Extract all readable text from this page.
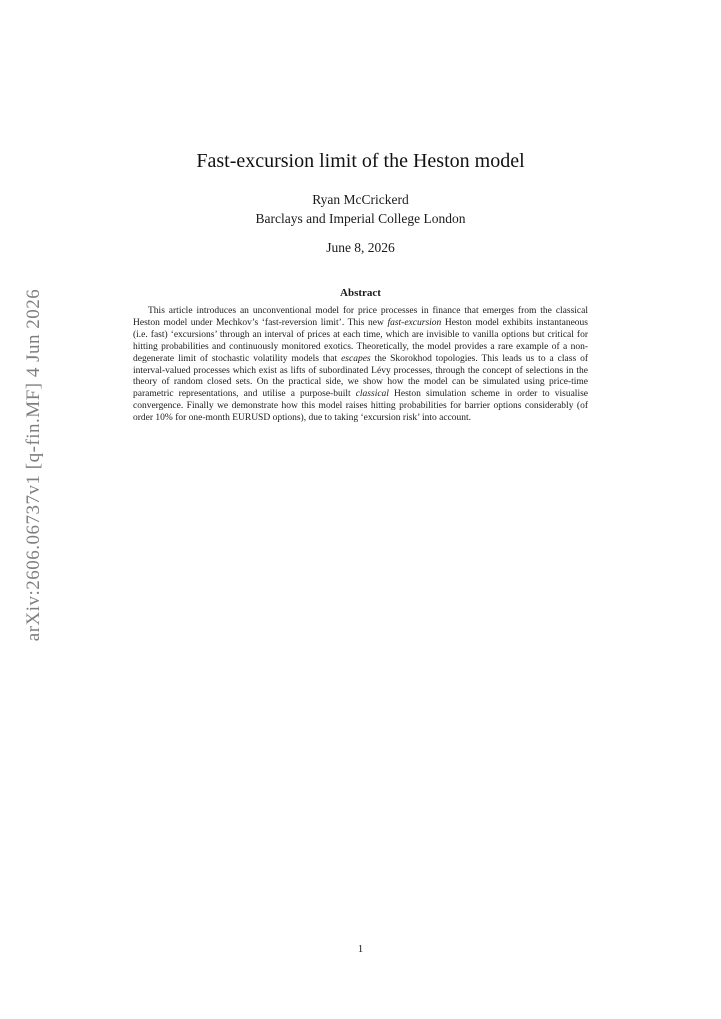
arXiv:2606.06737v1 [q-fin.MF] 4 Jun 2026
Fast-excursion limit of the Heston model
Ryan McCrickerd
Barclays and Imperial College London
June 8, 2026
Abstract
This article introduces an unconventional model for price processes in finance that emerges from the classical Heston model under Mechkov’s ‘fast-reversion limit’. This new fast-excursion Heston model exhibits instantaneous (i.e. fast) ‘excursions’ through an interval of prices at each time, which are invisible to vanilla options but critical for hitting probabilities and continuously monitored exotics. Theoretically, the model provides a rare example of a non-degenerate limit of stochastic volatility models that escapes the Skorokhod topologies. This leads us to a class of interval-valued processes which exist as lifts of subordinated Lévy processes, through the concept of selections in the theory of random closed sets. On the practical side, we show how the model can be simulated using price-time parametric representations, and utilise a purpose-built classical Heston simulation scheme in order to visualise convergence. Finally we demonstrate how this model raises hitting probabilities for barrier options considerably (of order 10% for one-month EURUSD options), due to taking ‘excursion risk’ into account.
1
